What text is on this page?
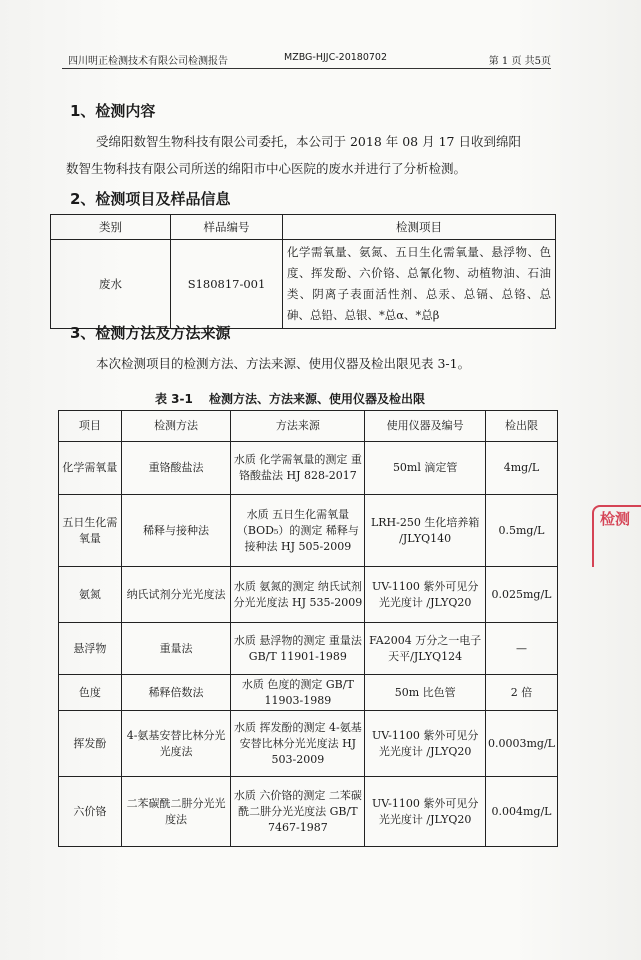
四川明正检测技术有限公司检测报告	MZBG-HJJC-20180702	第 1 页 共5页
1、检测内容

受绵阳数智生物科技有限公司委托，本公司于 2018 年 08 月 17 日收到绵阳

数智生物科技有限公司所送的绵阳市中心医院的废水并进行了分析检测。

2、检测项目及样品信息
类别	样品编号	检测项目
废水	S180817-001	化学需氧量、氨氮、五日生化需氧量、悬浮物、色度、挥发酚、六价铬、总氰化物、动植物油、石油类、阴离子表面活性剂、总汞、总镉、总铬、总砷、总铅、总银、*总α、*总β
3、检测方法及方法来源

本次检测项目的检测方法、方法来源、使用仪器及检出限见表 3-1。

表 3-1　 检测方法、方法来源、使用仪器及检出限
项目	检测方法	方法来源	使用仪器及编号	检出限
化学需氧量	重铬酸盐法	水质 化学需氧量的测定 重铬酸盐法 HJ 828-2017	50ml 滴定管	4mg/L
五日生化需氧量	稀释与接种法	水质 五日生化需氧量（BOD₅）的测定 稀释与接种法 HJ 505-2009	LRH-250 生化培养箱 /JLYQ140	0.5mg/L
氨氮	纳氏试剂分光光度法	水质 氨氮的测定 纳氏试剂分光光度法 HJ 535-2009	UV-1100 紫外可见分光光度计 /JLYQ20	0.025mg/L
悬浮物	重量法	水质 悬浮物的测定 重量法 GB/T 11901-1989	FA2004 万分之一电子天平/JLYQ124	—
色度	稀释倍数法	水质 色度的测定 GB/T 11903-1989	50m 比色管	2 倍
挥发酚	4-氨基安替比林分光光度法	水质 挥发酚的测定 4-氨基安替比林分光光度法 HJ 503-2009	UV-1100 紫外可见分光光度计 /JLYQ20	0.0003mg/L
六价铬	二苯碳酰二肼分光光度法	水质 六价铬的测定 二苯碳酰二肼分光光度法 GB/T 7467-1987	UV-1100 紫外可见分光光度计 /JLYQ20	0.004mg/L
检测
